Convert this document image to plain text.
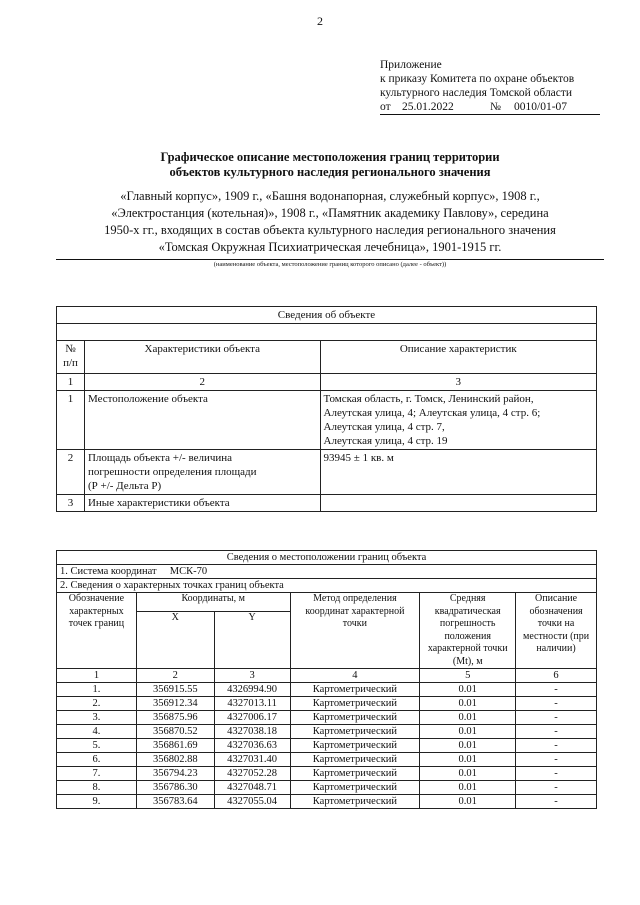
2
Приложение
к приказу Комитета по охране объектов
культурного наследия Томской области
от 25.01.2022	№	0010/01-07
Графическое описание местоположения границ территории
объектов культурного наследия регионального значения
«Главный корпус», 1909 г., «Башня водонапорная, служебный корпус», 1908 г.,
«Электростанция (котельная)», 1908 г., «Памятник академику Павлову», середина
1950-х гг., входящих в состав объекта культурного наследия регионального значения
«Томская Окружная Психиатрическая лечебница», 1901-1915 гг.
(наименование объекта, местоположение границ которого описано (далее - объект))
Сведения об объекте		

№ п/п	Характеристики объекта	Описание характеристик
1	2	3
1	Местоположение объекта	Томская область, г. Томск, Ленинский район,
Алеутская улица, 4; Алеутская улица, 4 стр. 6;
Алеутская улица, 4 стр. 7,
Алеутская улица, 4 стр. 19

2	Площадь объекта +/- величина
погрешности определения площади
(Р +/- Дельта Р)	93945 ± 1 кв. м
3	Иные характеристики объекта	
Сведения о местоположении границ объекта					
1. Система координат МСК-70					
2. Сведения о характерных точках границ объекта					
Обозначение характерных точек границ	Координаты, м		Метод определения координат характерной точки	Средняя квадратическая погрешность положения характерной точки (Mt), м	Описание обозначения точки на местности (при наличии)
	X	Y			
1	2	3	4	5	6
1.	356915.55	4326994.90	Картометрический	0.01	-
2.	356912.34	4327013.11	Картометрический	0.01	-
3.	356875.96	4327006.17	Картометрический	0.01	-
4.	356870.52	4327038.18	Картометрический	0.01	-
5.	356861.69	4327036.63	Картометрический	0.01	-
6.	356802.88	4327031.40	Картометрический	0.01	-
7.	356794.23	4327052.28	Картометрический	0.01	-
8.	356786.30	4327048.71	Картометрический	0.01	-
9.	356783.64	4327055.04	Картометрический	0.01	-
